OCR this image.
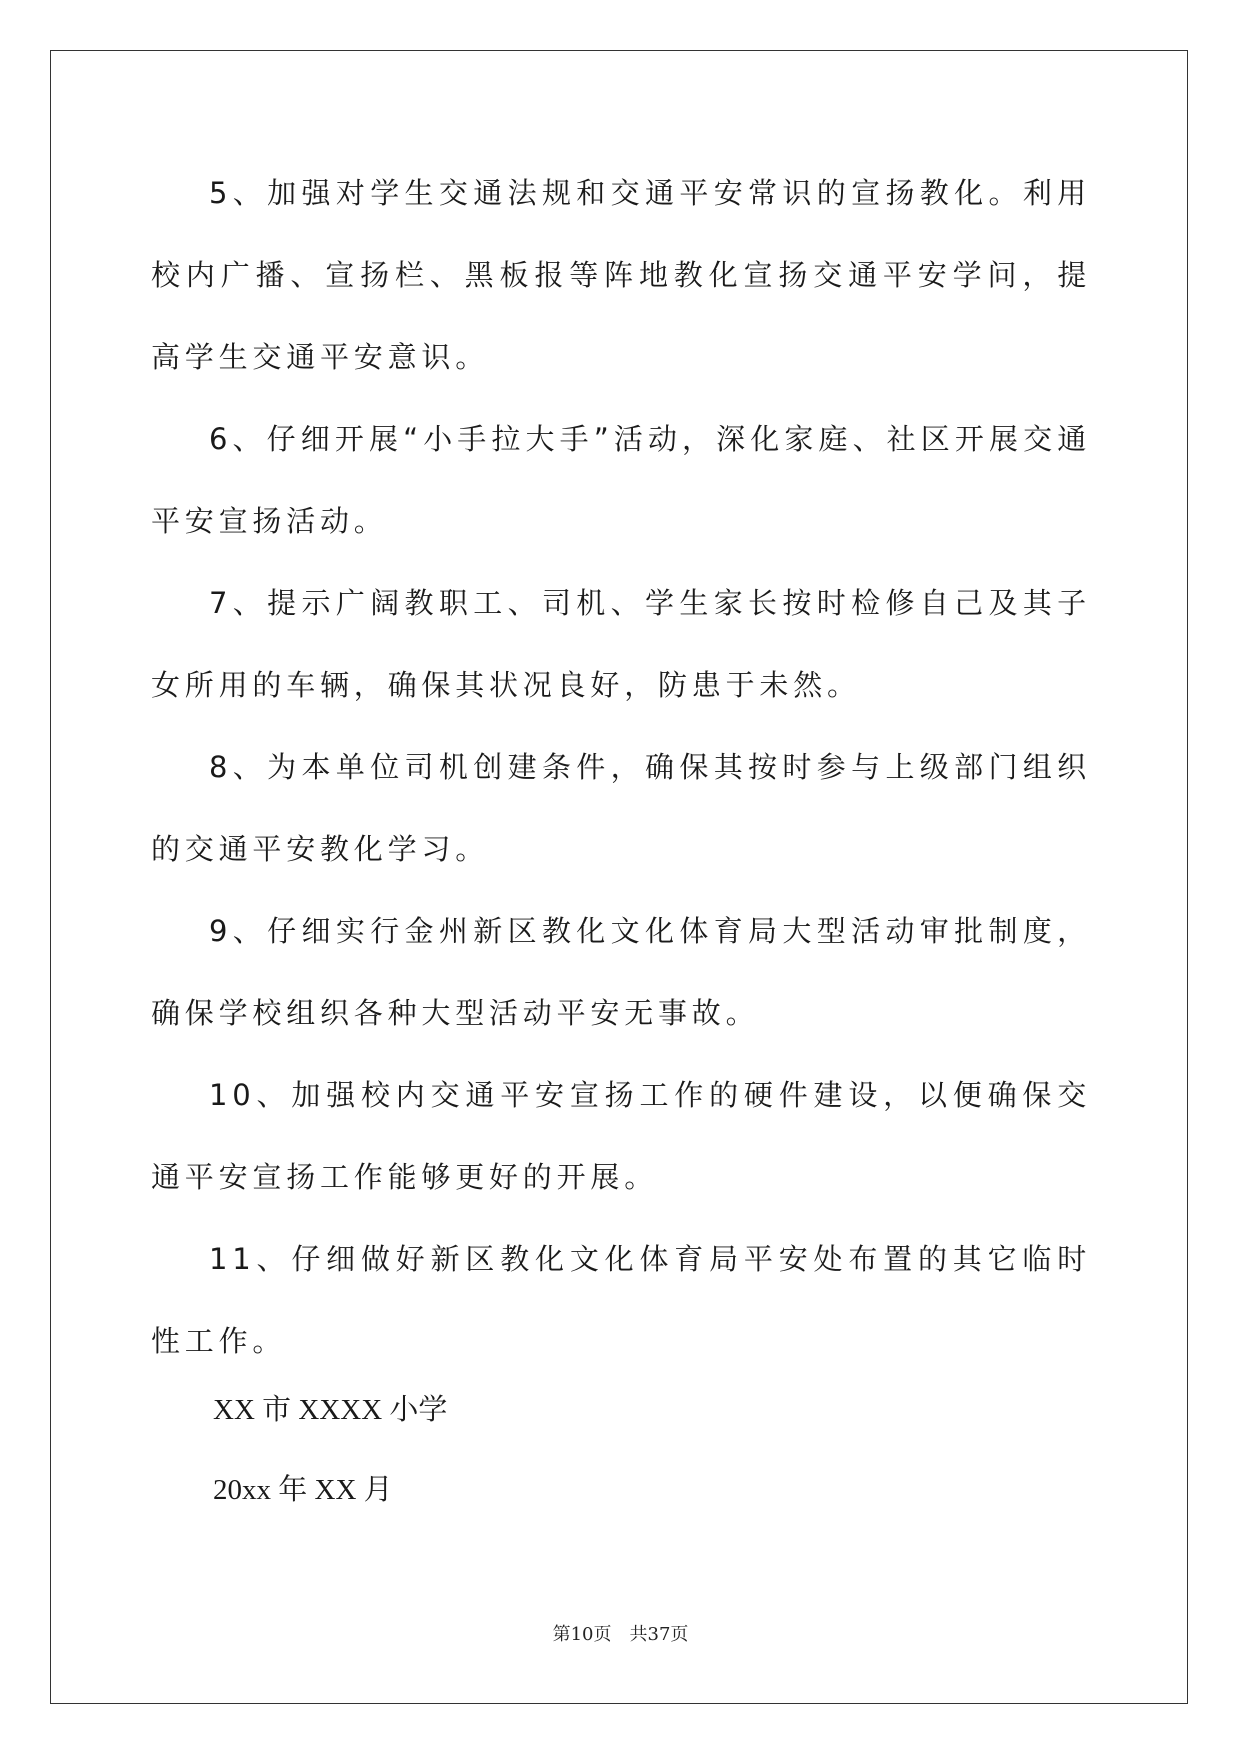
5、加强对学生交通法规和交通平安常识的宣扬教化。利用校内广播、宣扬栏、黑板报等阵地教化宣扬交通平安学问，提高学生交通平安意识。

6、仔细开展“小手拉大手”活动，深化家庭、社区开展交通平安宣扬活动。

7、提示广阔教职工、司机、学生家长按时检修自己及其子女所用的车辆，确保其状况良好，防患于未然。

8、为本单位司机创建条件，确保其按时参与上级部门组织的交通平安教化学习。

9、仔细实行金州新区教化文化体育局大型活动审批制度，确保学校组织各种大型活动平安无事故。

10、加强校内交通平安宣扬工作的硬件建设，以便确保交通平安宣扬工作能够更好的开展。

11、仔细做好新区教化文化体育局平安处布置的其它临时性工作。

XX 市 XXXX 小学
20xx 年 XX 月
第10页 共37页
